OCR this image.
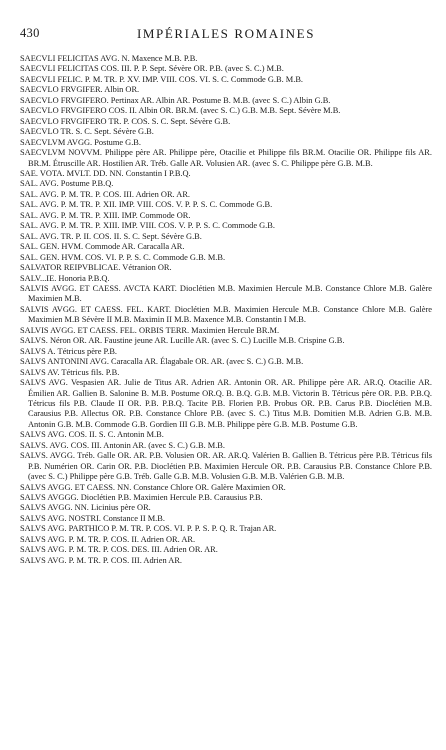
430	IMPÉRIALES ROMAINES
SAECVLI FELICITAS AVG. N. Maxence M.B. P.B.
SAECVLI FELICITAS COS. III. P. P. Sept. Sévère OR. P.B. (avec S. C.) M.B.
SAECVLI FELIC. P. M. TR. P. XV. IMP. VIII. COS. VI. S. C. Commode G.B. M.B.
SAECVLO FRVGIFER. Albin OR.
SAECVLO FRVGIFERO. Pertinax AR. Albin AR. Postume B. M.B. (avec S. C.) Albin G.B.
SAECVLO FRVGIFERO COS. II. Albin OR. BR.M. (avec S. C.) G.B. M.B. Sept. Sévère M.B.
SAECVLO FRVGIFERO TR. P. COS. S. C. Sept. Sévère G.B.
SAECVLO TR. S. C. Sept. Sévère G.B.
SAECVLVM AVGG. Postume G.B.
SAECVLVM NOVVM. Philippe père AR. Philippe père, Otacilie et Philippe fils BR.M. Otacilie OR. Philippe fils AR. BR.M. Étruscille AR. Hostilien AR. Tréb. Galle AR. Volusien AR. (avec S. C. Philippe père G.B. M.B.
SAE. VOTA. MVLT. DD. NN. Constantin I P.B.Q.
SAL. AVG. Postume P.B.Q.
SAL. AVG. P. M. TR. P. COS. III. Adrien OR. AR.
SAL. AVG. P. M. TR. P. XII. IMP. VIII. COS. V. P. P. S. C. Commode G.B.
SAL. AVG. P. M. TR. P. XIII. IMP. Commode OR.
SAL. AVG. P. M. TR. P. XIII. IMP. VIII. COS. V. P. P. S. C. Commode G.B.
SAL. AVG. TR. P. II. COS. II. S. C. Sept. Sévère G.B.
SAL. GEN. HVM. Commode AR. Caracalla AR.
SAL. GEN. HVM. COS. VI. P. P. S. C. Commode G.B. M.B.
SALVATOR REIPVBLICAE. Vétranion OR.
SALV...IE. Honoria P.B.Q.
SALVIS AVGG. ET CAESS. AVCTA KART. Dioclétien M.B. Maximien Hercule M.B. Constance Chlore M.B. Galère Maximien M.B.
SALVIS AVGG. ET CAESS. FEL. KART. Dioclétien M.B. Maximien Hercule M.B. Constance Chlore M.B. Galère Maximien M.B Sévère II M.B. Maximin II M.B. Maxence M.B. Constantin I M.B.
SALVIS AVGG. ET CAESS. FEL. ORBIS TERR. Maximien Hercule BR.M.
SALVS. Néron OR. AR. Faustine jeune AR. Lucille AR. (avec S. C.) Lucille M.B. Crispine G.B.
SALVS A. Tétricus père P.B.
SALVS ANTONINI AVG. Caracalla AR. Élagabale OR. AR. (avec S. C.) G.B. M.B.
SALVS AV. Tétricus fils. P.B.
SALVS AVG. Vespasien AR. Julie de Titus AR. Adrien AR. Antonin OR. AR. Philippe père AR. AR.Q. Otacilie AR. Émilien AR. Gallien B. Salonine B. M.B. Postume OR.Q. B. B.Q. G.B. M.B. Victorin B. Tétricus père OR. P.B. P.B.Q. Tétricus fils P.B. Claude II OR. P.B. P.B.Q. Tacite P.B. Florien P.B. Probus OR. P.B. Carus P.B. Dioclétien M.B. Carausius P.B. Allectus OR. P.B. Constance Chlore P.B. (avec S. C.) Titus M.B. Domitien M.B. Adrien G.B. M.B. Antonin G.B. M.B. Commode G.B. Gordien III G.B. M.B. Philippe père G.B. M.B. Postume G.B.
SALVS AVG. COS. II. S. C. Antonin M.B.
SALVS. AVG. COS. III. Antonin AR. (avec S. C.) G.B. M.B.
SALVS. AVGG. Tréb. Galle OR. AR. P.B. Volusien OR. AR. AR.Q. Valérien B. Gallien B. Tétricus père P.B. Tétricus fils P.B. Numérien OR. Carin OR. P.B. Dioclétien P.B. Maximien Hercule OR. P.B. Carausius P.B. Constance Chlore P.B. (avec S. C.) Philippe père G.B. Tréb. Galle G.B. M.B. Volusien G.B. M.B. Valérien G.B. M.B.
SALVS AVGG. ET CAESS. NN. Constance Chlore OR. Galère Maximien OR.
SALVS AVGGG. Dioclétien P.B. Maximien Hercule P.B. Carausius P.B.
SALVS AVGG. NN. Licinius père OR.
SALVS AVG. NOSTRI. Constance II M.B.
SALVS AVG. PARTHICO P. M. TR. P. COS. VI. P. P. S. P. Q. R. Trajan AR.
SALVS AVG. P. M. TR. P. COS. II. Adrien OR. AR.
SALVS AVG. P. M. TR. P. COS. DES. III. Adrien OR. AR.
SALVS AVG. P. M. TR. P. COS. III. Adrien AR.
